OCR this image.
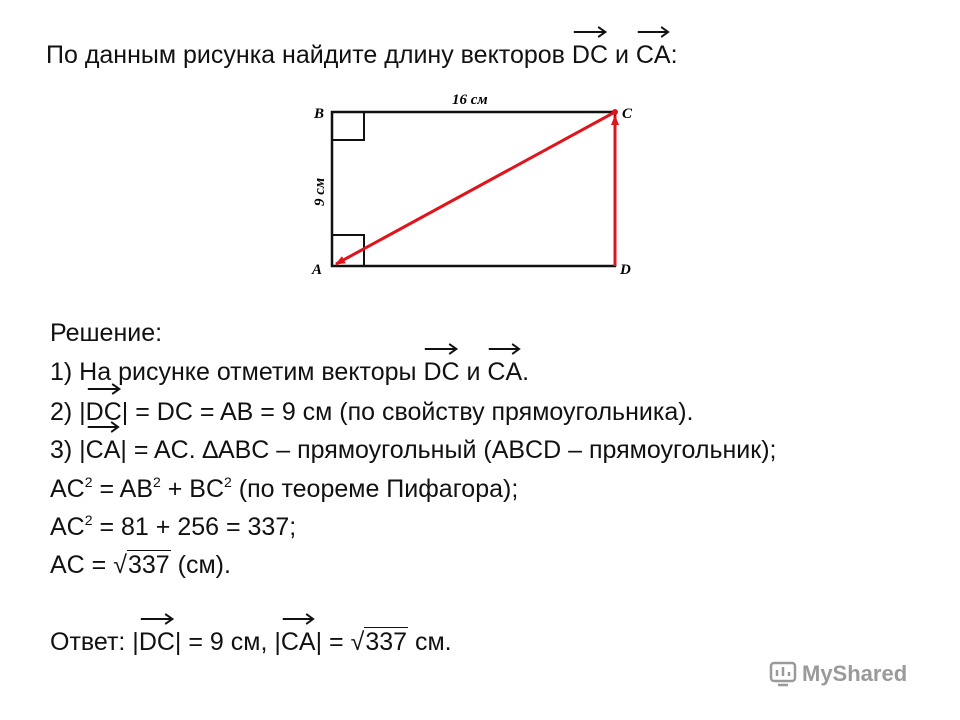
По данным рисунка найдите длину векторов
DC и
CA:
B	C
A	D
16 см
9 см
Решение:
1) На рисунке отметим векторы
DC и
CA.
2) |
DC| = DC = AB = 9 см (по свойству прямоугольника).
3) |
CA| = AC. ∆ABC – прямоугольный (ABCD – прямоугольник);
$AC^2 = AB^2 + BC^2$ (по теореме Пифагора);
$AC^2 = 81 + 256 = 337$;
AC = √337 (см).
Ответ: |
DC| = 9 см, |
CA| = √337 см.
MyShared
